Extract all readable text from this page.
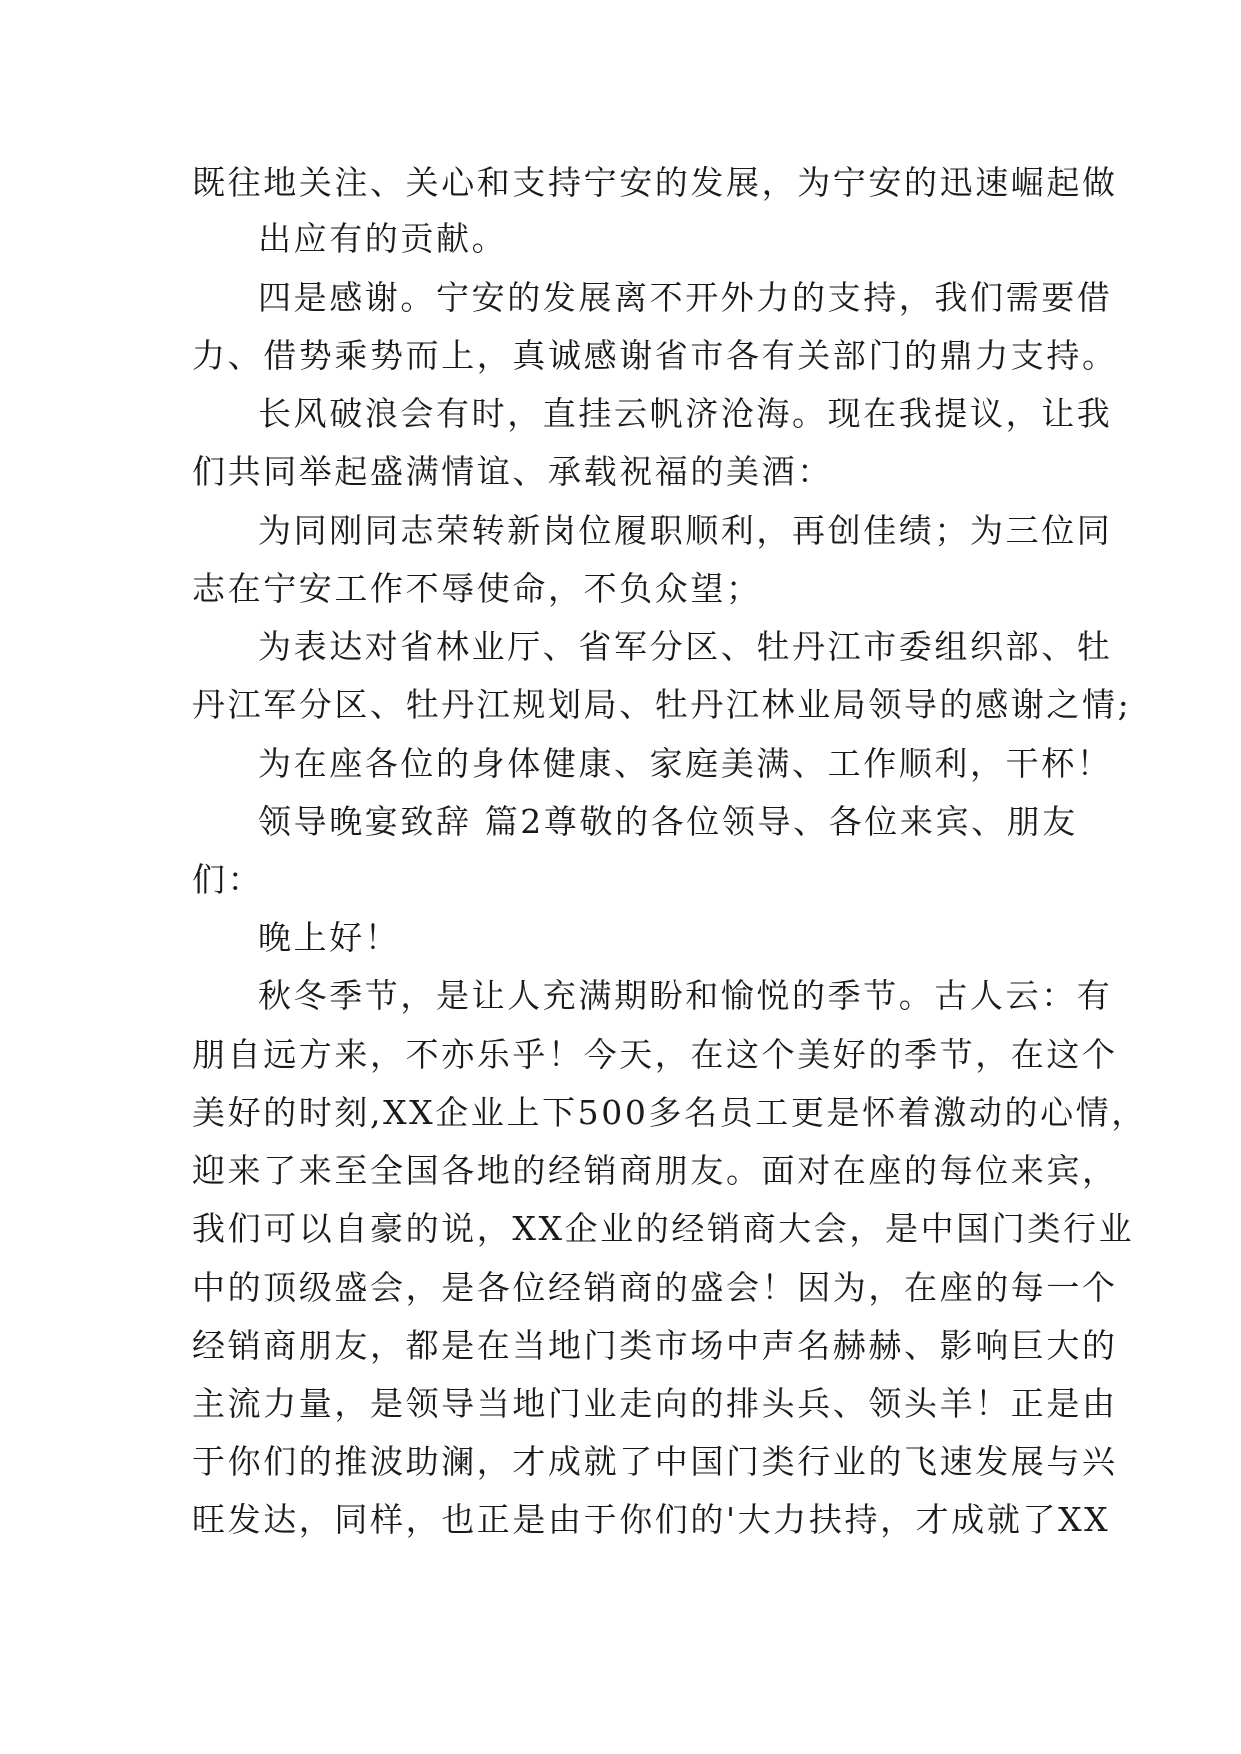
既往地关注、关心和支持宁安的发展，为宁安的迅速崛起做
出应有的贡献。
四是感谢。宁安的发展离不开外力的支持，我们需要借
力、借势乘势而上，真诚感谢省市各有关部门的鼎力支持。
长风破浪会有时，直挂云帆济沧海。现在我提议，让我
们共同举起盛满情谊、承载祝福的美酒：
为同刚同志荣转新岗位履职顺利，再创佳绩；为三位同
志在宁安工作不辱使命，不负众望；
为表达对省林业厅、省军分区、牡丹江市委组织部、牡
丹江军分区、牡丹江规划局、牡丹江林业局领导的感谢之情;
为在座各位的身体健康、家庭美满、工作顺利，干杯！
领导晚宴致辞 篇2尊敬的各位领导、各位来宾、朋友
们：
晚上好！
秋冬季节，是让人充满期盼和愉悦的季节。古人云：有
朋自远方来，不亦乐乎！今天，在这个美好的季节，在这个
美好的时刻,XX企业上下500多名员工更是怀着激动的心情，
迎来了来至全国各地的经销商朋友。面对在座的每位来宾，
我们可以自豪的说，XX企业的经销商大会，是中国门类行业
中的顶级盛会，是各位经销商的盛会！因为，在座的每一个
经销商朋友，都是在当地门类市场中声名赫赫、影响巨大的
主流力量，是领导当地门业走向的排头兵、领头羊！正是由
于你们的推波助澜，才成就了中国门类行业的飞速发展与兴
旺发达，同样，也正是由于你们的'大力扶持，才成就了XX
